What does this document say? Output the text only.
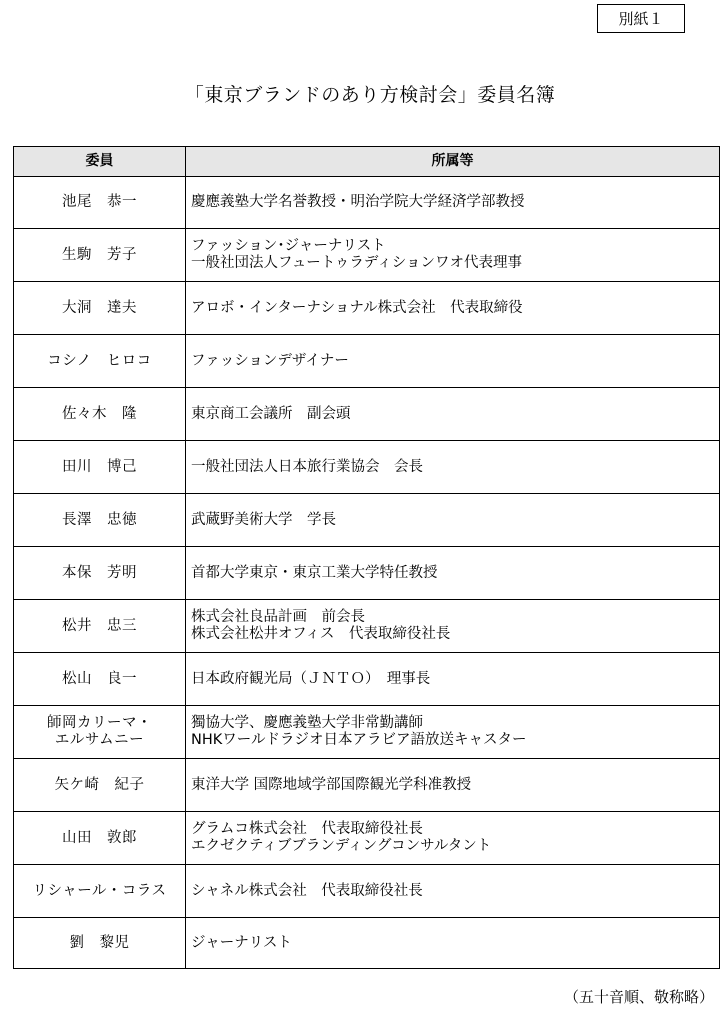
別紙１
「東京ブランドのあり方検討会」委員名簿
委員	所属等
池尾　恭一	慶應義塾大学名誉教授・明治学院大学経済学部教授

生駒　芳子	ファッション･ジャーナリスト
一般社団法人フュートゥラディションワオ代表理事

大洞　達夫	アロボ・インターナショナル株式会社　代表取締役

コシノ　ヒロコ	ファッションデザイナー

佐々木　隆	東京商工会議所　副会頭

田川　博己	一般社団法人日本旅行業協会　会長

長澤　忠徳	武蔵野美術大学　学長

本保　芳明	首都大学東京・東京工業大学特任教授

松井　忠三	株式会社良品計画　前会長
株式会社松井オフィス　代表取締役社長

松山　良一	日本政府観光局（ＪＮＴＯ）　理事長

師岡カリーマ・
エルサムニー	獨協大学、慶應義塾大学非常勤講師
NHKワールドラジオ日本アラビア語放送キャスター

矢ケ崎　紀子	東洋大学 国際地域学部国際観光学科准教授

山田　敦郎	グラムコ株式会社　代表取締役社長
エクゼクティブブランディングコンサルタント

リシャール・コラス	シャネル株式会社　代表取締役社長

劉　黎児	ジャーナリスト
（五十音順、敬称略）
